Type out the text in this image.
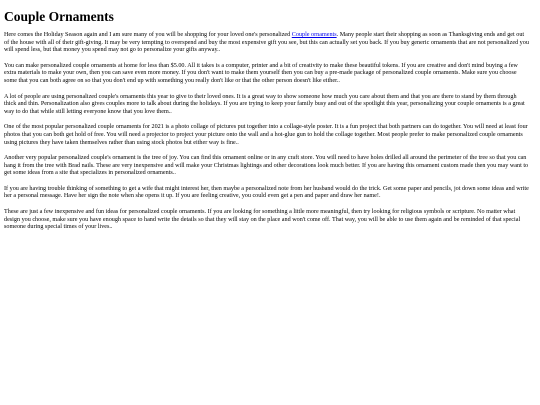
Couple Ornaments

Here comes the Holiday Season again and I am sure many of you will be shopping for your loved one's personalized Couple ornaments. Many people start their shopping as soon as Thanksgiving ends and get out of the house with all of their gift-giving. It may be very tempting to overspend and buy the most expensive gift you see, but this can actually set you back. If you buy generic ornaments that are not personalized you will spend less, but that money you spend may not go to personalize your gifts anyway..

You can make personalized couple ornaments at home for less than $5.00. All it takes is a computer, printer and a bit of creativity to make these beautiful tokens. If you are creative and don't mind buying a few extra materials to make your own, then you can save even more money. If you don't want to make them yourself then you can buy a pre-made package of personalized couple ornaments. Make sure you choose some that you can both agree on so that you don't end up with something you really don't like or that the other person doesn't like either..

A lot of people are using personalized couple's ornaments this year to give to their loved ones. It is a great way to show someone how much you care about them and that you are there to stand by them through thick and thin. Personalization also gives couples more to talk about during the holidays. If you are trying to keep your family busy and out of the spotlight this year, personalizing your couple ornaments is a great way to do that while still letting everyone know that you love them..

One of the most popular personalized couple ornaments for 2021 is a photo collage of pictures put together into a collage-style poster. It is a fun project that both partners can do together. You will need at least four photos that you can both get hold of free. You will need a projector to project your picture onto the wall and a hot-glue gun to hold the collage together. Most people prefer to make personalized couple ornaments using pictures they have taken themselves rather than using stock photos but either way is fine..

Another very popular personalized couple's ornament is the tree of joy. You can find this ornament online or in any craft store. You will need to have holes drilled all around the perimeter of the tree so that you can hang it from the tree with Brad nails. These are very inexpensive and will make your Christmas lightings and other decorations look much better. If you are having this ornament custom made then you may want to get some ideas from a site that specializes in personalized ornaments..

If you are having trouble thinking of something to get a wife that might interest her, then maybe a personalized note from her husband would do the trick. Get some paper and pencils, jot down some ideas and write her a personal message. Have her sign the note when she opens it up. If you are feeling creative, you could even get a pen and paper and draw her name!.

These are just a few inexpensive and fun ideas for personalized couple ornaments. If you are looking for something a little more meaningful, then try looking for religious symbols or scripture. No matter what design you choose, make sure you have enough space to hand write the details so that they will stay on the place and won't come off. That way, you will be able to use them again and be reminded of that special someone during special times of your lives..
